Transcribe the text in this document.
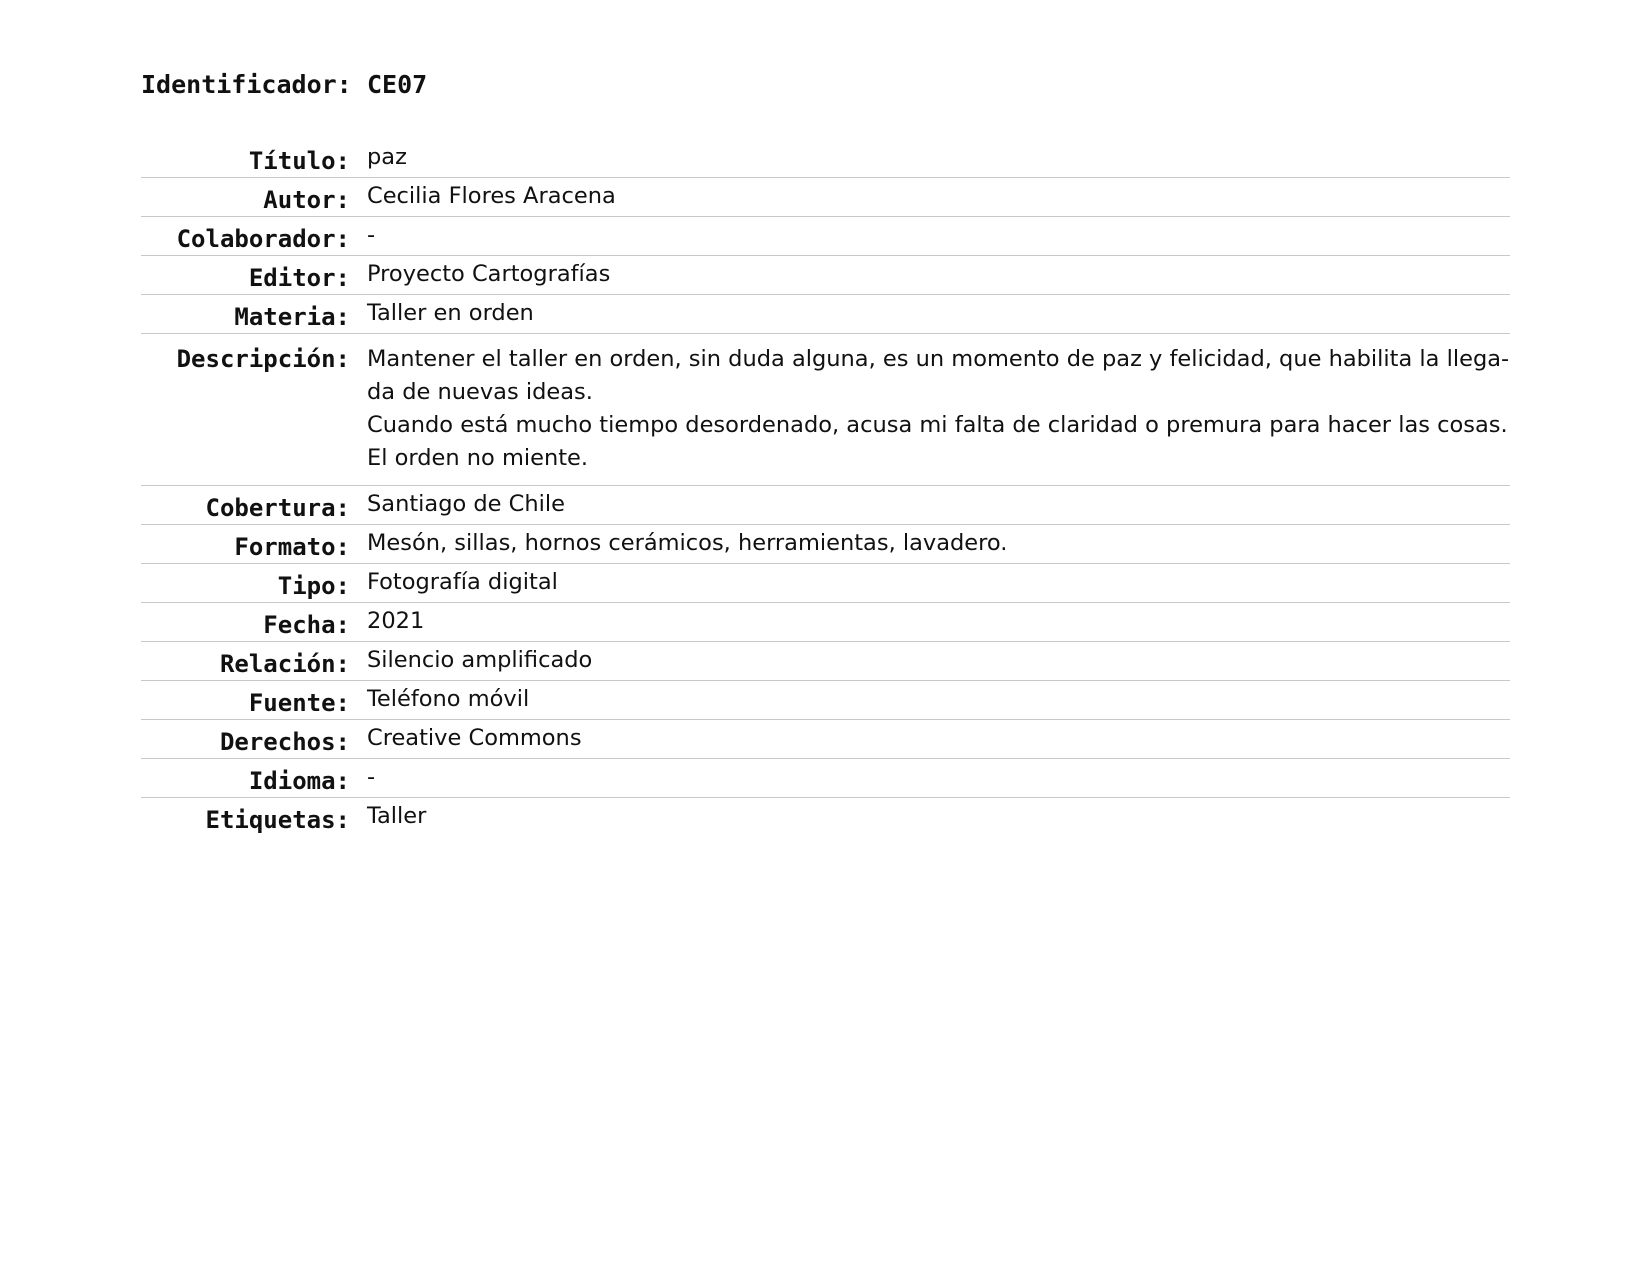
Identificador: CE07
Título: paz
Autor: Cecilia Flores Aracena
Colaborador: -
Editor: Proyecto Cartografías
Materia: Taller en orden
Descripción: Mantener el taller en orden, sin duda alguna, es un momento de paz y felicidad, que habilita la llega-da de nuevas ideas.

Cuando está mucho tiempo desordenado, acusa mi falta de claridad o premura para hacer las cosas. El orden no miente.

Cobertura: Santiago de Chile
Formato: Mesón, sillas, hornos cerámicos, herramientas, lavadero.
Tipo: Fotografía digital
Fecha: 2021
Relación: Silencio amplificado
Fuente: Teléfono móvil
Derechos: Creative Commons
Idioma: -
Etiquetas: Taller
